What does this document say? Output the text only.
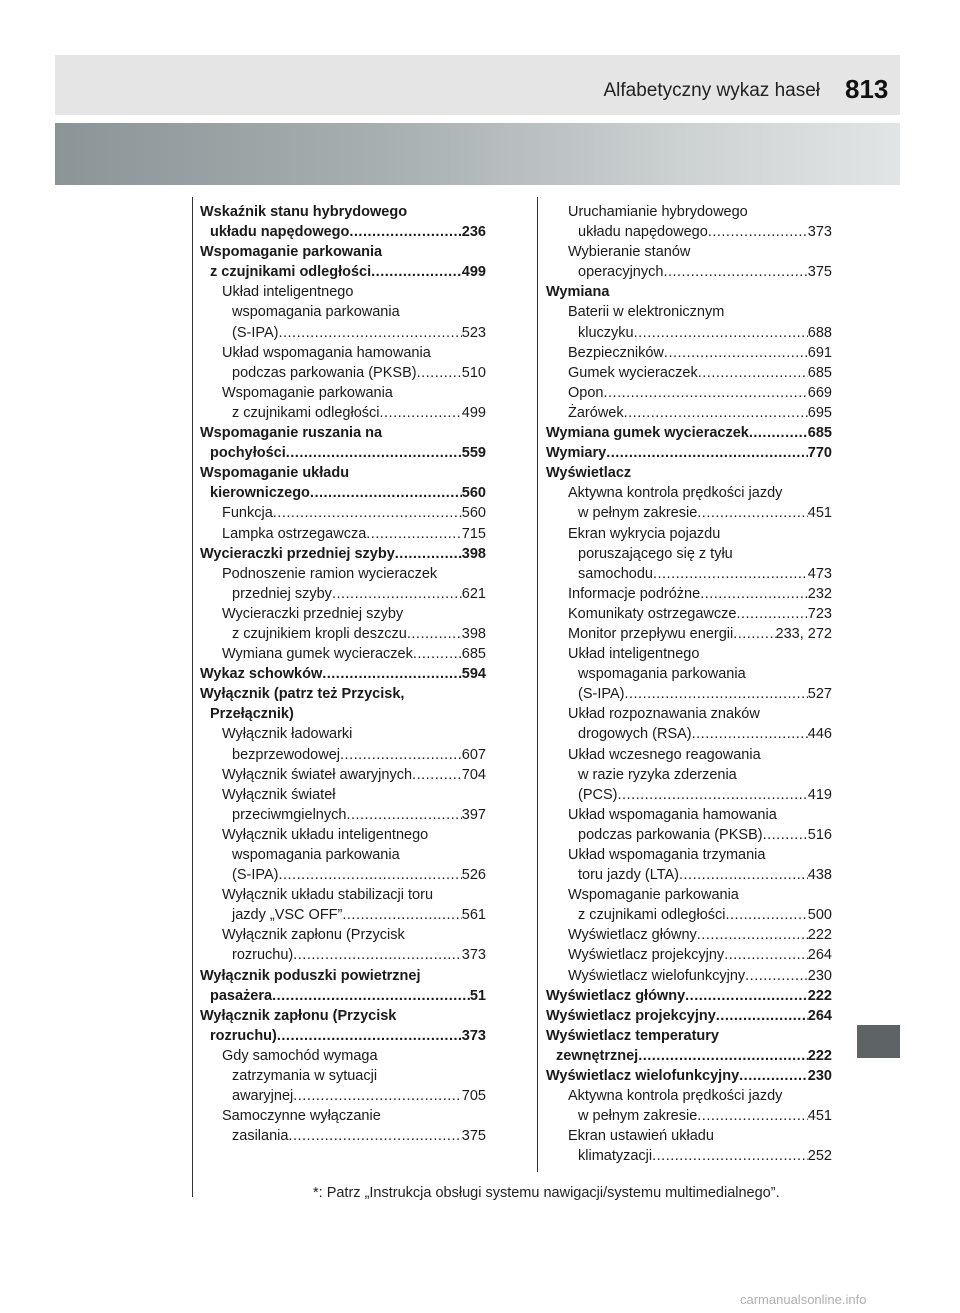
Alfabetyczny wykaz haseł 813
Wskaźnik stanu hybrydowego
układu napędowego .....	236
Wspomaganie parkowania
z czujnikami odległości .....	499
Układ inteligentnego
wspomagania parkowania
(S-IPA) .....	523
Układ wspomagania hamowania
podczas parkowania (PKSB) .....	510
Wspomaganie parkowania
z czujnikami odległości .....	499
Wspomaganie ruszania na
pochyłości .....	559
Wspomaganie układu
kierowniczego .....	560
Funkcja .....	560
Lampka ostrzegawcza .....	715
Wycieraczki przedniej szyby .....	398
Podnoszenie ramion wycieraczek
przedniej szyby .....	621
Wycieraczki przedniej szyby
z czujnikiem kropli deszczu .....	398
Wymiana gumek wycieraczek .....	685
Wykaz schowków .....	594
Wyłącznik (patrz też Przycisk,
Przełącznik)
Wyłącznik ładowarki
bezprzewodowej .....	607
Wyłącznik świateł awaryjnych .....	704
Wyłącznik świateł
przeciwmgielnych .....	397
Wyłącznik układu inteligentnego
wspomagania parkowania
(S-IPA) .....	526
Wyłącznik układu stabilizacji toru
jazdy „VSC OFF” .....	561
Wyłącznik zapłonu (Przycisk
rozruchu) .....	373
Wyłącznik poduszki powietrznej
pasażera .....	51
Wyłącznik zapłonu (Przycisk
rozruchu) .....	373
Gdy samochód wymaga
zatrzymania w sytuacji
awaryjnej .....	705
Samoczynne wyłączanie
zasilania .....	375
Uruchamianie hybrydowego
układu napędowego .....	373
Wybieranie stanów
operacyjnych .....	375
Wymiana
Baterii w elektronicznym
kluczyku .....	688
Bezpieczników .....	691
Gumek wycieraczek .....	685
Opon .....	669
Żarówek .....	695
Wymiana gumek wycieraczek .....	685
Wymiary .....	770
Wyświetlacz
Aktywna kontrola prędkości jazdy
w pełnym zakresie .....	451
Ekran wykrycia pojazdu
poruszającego się z tyłu
samochodu .....	473
Informacje podróżne .....	232
Komunikaty ostrzegawcze .....	723
Monitor przepływu energii .....	233, 272
Układ inteligentnego
wspomagania parkowania
(S-IPA) .....	527
Układ rozpoznawania znaków
drogowych (RSA) .....	446
Układ wczesnego reagowania
w razie ryzyka zderzenia
(PCS) .....	419
Układ wspomagania hamowania
podczas parkowania (PKSB) .....	516
Układ wspomagania trzymania
toru jazdy (LTA) .....	438
Wspomaganie parkowania
z czujnikami odległości .....	500
Wyświetlacz główny .....	222
Wyświetlacz projekcyjny .....	264
Wyświetlacz wielofunkcyjny .....	230
Wyświetlacz główny .....	222
Wyświetlacz projekcyjny .....	264
Wyświetlacz temperatury
zewnętrznej .....	222
Wyświetlacz wielofunkcyjny .....	230
Aktywna kontrola prędkości jazdy
w pełnym zakresie .....	451
Ekran ustawień układu
klimatyzacji .....	252
*: Patrz „Instrukcja obsługi systemu nawigacji/systemu multimedialnego”.
carmanualsonline.info
